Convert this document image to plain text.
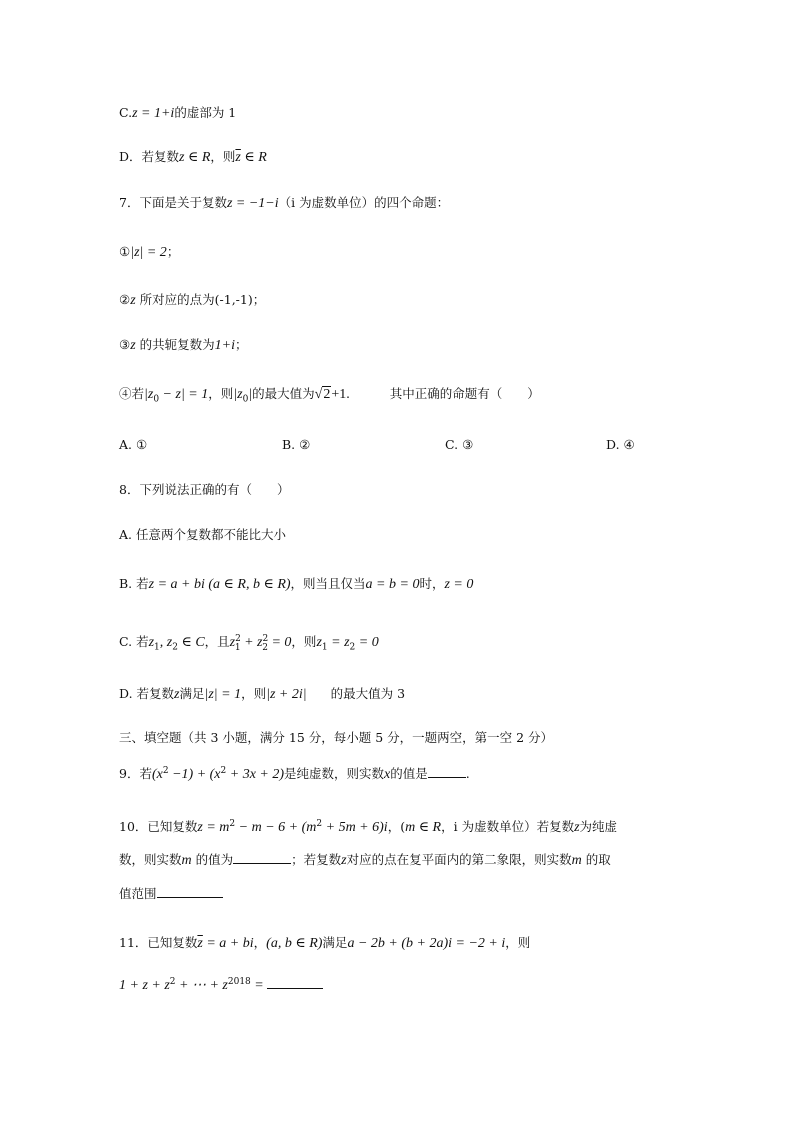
C.z = 1+i的虚部为 1
D．若复数z ∈ R，则$\overline{z}$ ∈ R
7．下面是关于复数z = −1−i（i 为虚数单位）的四个命题：
①|z| = 2；
②z 所对应的点为(-1,-1)；
③z 的共轭复数为1+i；
④若$|z_0 - z| = 1$，则$|z_0|$的最大值为√2+1.	其中正确的命题有（　　）
A. ①	B. ②	C. ③	D. ④
8．下列说法正确的有（　　）
A. 任意两个复数都不能比大小
B. 若z = a + bi (a ∈ R, b ∈ R)，则当且仅当a = b = 0时，z = 0
C. 若$z_1$, $z_2$ ∈ C，且$z^2_1 + z^2_2 = 0$，则$z_1 = z_2 = 0$
D. 若复数z满足|z| = 1，则|z + 2i| 的最大值为 3
三、填空题（共 3 小题，满分 15 分，每小题 5 分，一题两空，第一空 2 分）
9．若$(x^2 -1) + (x^2 + 3x + 2)$是纯虚数，则实数x的值是	.
10．已知复数$z = m^2 - m - 6 + (m^2 + 5m + 6)i$，(m ∈ R，i 为虚数单位）若复数z为纯虚
数，则实数m 的值为	；若复数z对应的点在复平面内的第二象限，则实数m 的取
值范围
11．已知复数$\overline{z} = a$ + bi，(a, b ∈ R)满足a − 2b + (b + 2a)i = −2 + i，则
$1 + z + z^2$ + ⋯ + $z^{2018}$ =
